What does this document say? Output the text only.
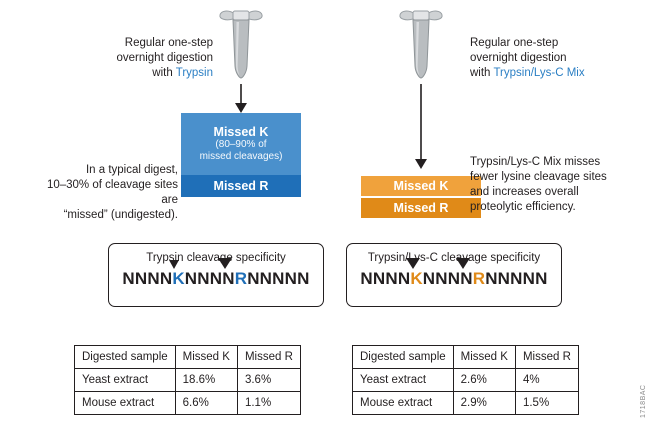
Regular one-step
overnight digestion
with Trypsin
Regular one-step
overnight digestion
with Trypsin/Lys-C Mix
Missed K
(80–90% of
missed cleavages)
Missed R	Missed K
Missed R
In a typical digest,
10–30% of cleavage sites are
“missed” (undigested).
Trypsin/Lys-C Mix misses
fewer lysine cleavage sites
and increases overall
proteolytic efficiency.
Trypsin cleavage specificity
NNNNKNNNNRNNNNN
Trypsin/Lys-C cleavage specificity
NNNNKNNNNRNNNNN
Digested sample	Missed K	Missed R
Yeast extract	18.6%	3.6%
Mouse extract	6.6%	1.1%
Digested sample	Missed K	Missed R
Yeast extract	2.6%	4%
Mouse extract	2.9%	1.5%	1718BAC
